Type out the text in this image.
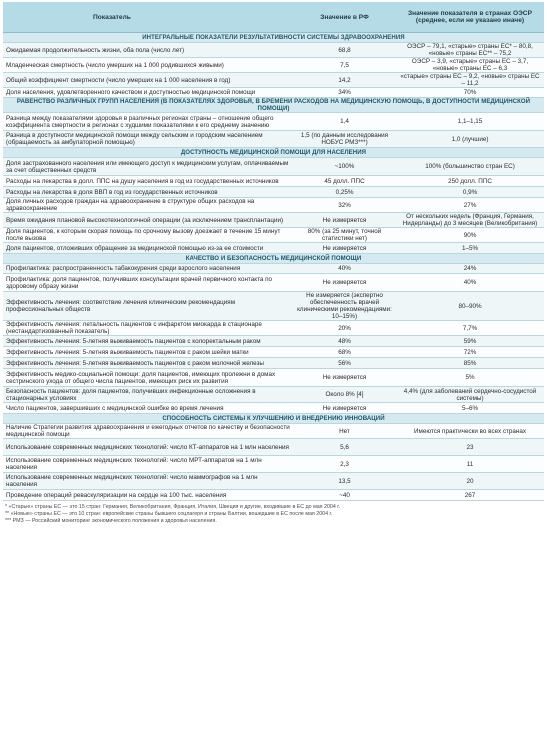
Показатель	Значение в РФ	Значение показателя в странах ОЭСР (среднее, если не указано иначе)
ИНТЕГРАЛЬНЫЕ ПОКАЗАТЕЛИ РЕЗУЛЬТАТИВНОСТИ СИСТЕМЫ ЗДРАВООХРАНЕНИЯ		
Ожидаемая продолжительность жизни, оба пола (число лет)	68,8	ОЭСР – 79,1, «старые» страны ЕС* – 80,8, «новые» страны ЕС** – 75,2
Младенческая смертность (число умерших на 1 000 родившихся живыми)	7,5	ОЭСР – 3,9, «старые» страны ЕС – 3,7, «новые» страны ЕС – 6,3
Общий коэффициент смертности (число умерших на 1 000 населения в год)	14,2	«старые» страны ЕС – 9,2, «новые» страны ЕС – 11,2
Доля населения, удовлетворенного качеством и доступностью медицинской помощи	34%	70%
РАВЕНСТВО РАЗЛИЧНЫХ ГРУПП НАСЕЛЕНИЯ (В ПОКАЗАТЕЛЯХ ЗДОРОВЬЯ, В БРЕМЕНИ РАСХОДОВ НА МЕДИЦИНСКУЮ ПОМОЩЬ, В ДОСТУПНОСТИ МЕДИЦИНСКОЙ ПОМОЩИ)		
Разница между показателями здоровья в различных регионах страны – отношение общего коэффициента смертности в регионах с худшими показателями к его среднему значению	1,4	1,1–1,15
Разница в доступности медицинской помощи между сельским и городским населением (обращаемость за амбулаторной помощью)	1,5 (по данным исследования НОБУС РМЗ***)	1,0 (лучшие)
ДОСТУПНОСТЬ МЕДИЦИНСКОЙ ПОМОЩИ ДЛЯ НАСЕЛЕНИЯ		
Доля застрахованного населения или имеющего доступ к медицинским услугам, оплачиваемым за счет общественных средств	~100%	100% (большинство стран ЕС)
Расходы на лекарства в долл. ППС на душу населения в год из государственных источников	45 долл. ППС	250 долл. ППС
Расходы на лекарства в доля ВВП в год из государственных источников	0,25%	0,9%
Доля личных расходов граждан на здравоохранение в структуре общих расходов на здравоохранение	32%	27%
Время ожидания плановой высокотехнологичной операции (за исключением трансплантации)	Не измеряется	От нескольких недель (Франция, Германия, Нидерланды) до 3 месяцев (Великобритания)
Доля пациентов, к которым скорая помощь по срочному вызову доезжает в течение 15 минут после вызова	80% (за 25 минут, точной статистики нет)	90%
Доля пациентов, отложивших обращение за медицинской помощью из-за ее стоимости	Не измеряется	1–5%
КАЧЕСТВО И БЕЗОПАСНОСТЬ МЕДИЦИНСКОЙ ПОМОЩИ		
Профилактика: распространенность табакокурения среди взрослого населения	40%	24%
Профилактика: доля пациентов, получивших консультации врачей первичного контакта по здоровому образу жизни	Не измеряется	40%
Эффективность лечения: соответствие лечения клиническим рекомендациям профессиональных обществ	Не измеряется (экспертно обеспеченность врачей клиническими рекомендациями: 10–15%)	80–90%
Эффективность лечения: летальность пациентов с инфарктом миокарда в стационаре (нестандартизованный показатель)	20%	7,7%
Эффективность лечения: 5-летняя выживаемость пациентов с колоректальным раком	48%	59%
Эффективность лечения: 5-летняя выживаемость пациентов с раком шейки матки	68%	72%
Эффективность лечения: 5-летняя выживаемость пациентов с раком молочной железы	56%	85%
Эффективность медико-социальной помощи: доля пациентов, имеющих пролежни в домах сестринского ухода от общего числа пациентов, имеющих риск их развития	Не измеряется	5%
Безопасность пациентов: доля пациентов, получивших инфекционные осложнения в стационарных условиях	Около 8% [4]	4,4% (для заболеваний сердечно-сосудистой системы)
Число пациентов, завершивших с медицинской ошибке во время лечения	Не измеряется	5–6%
СПОСОБНОСТЬ СИСТЕМЫ К УЛУЧШЕНИЮ И ВНЕДРЕНИЮ ИННОВАЦИЙ		
Наличие Стратегии развития здравоохранения и ежегодных отчетов по качеству и безопасности медицинской помощи	Нет	Имеются практически во всех странах
Использование современных медицинских технологий: число КТ-аппаратов на 1 млн населения	5,6	23
Использование современных медицинских технологий: число МРТ-аппаратов на 1 млн населения	2,3	11
Использование современных медицинских технологий: число маммографов на 1 млн населения	13,5	20
Проведение операций реваскуляризации на сердце на 100 тыс. населения	~40	267
* «Старые» страны ЕС — это 15 стран: Германия, Великобритания, Франция, Италия, Швеция и другие, входившие в ЕС до мая 2004 г.
** «Новые» страны ЕС — это 10 стран: европейские страны бывшего соцлагеря и страны Балтии, вошедшие в ЕС после мая 2004 г.
*** РМЗ — Российский мониторинг экономического положения и здоровья населения.
